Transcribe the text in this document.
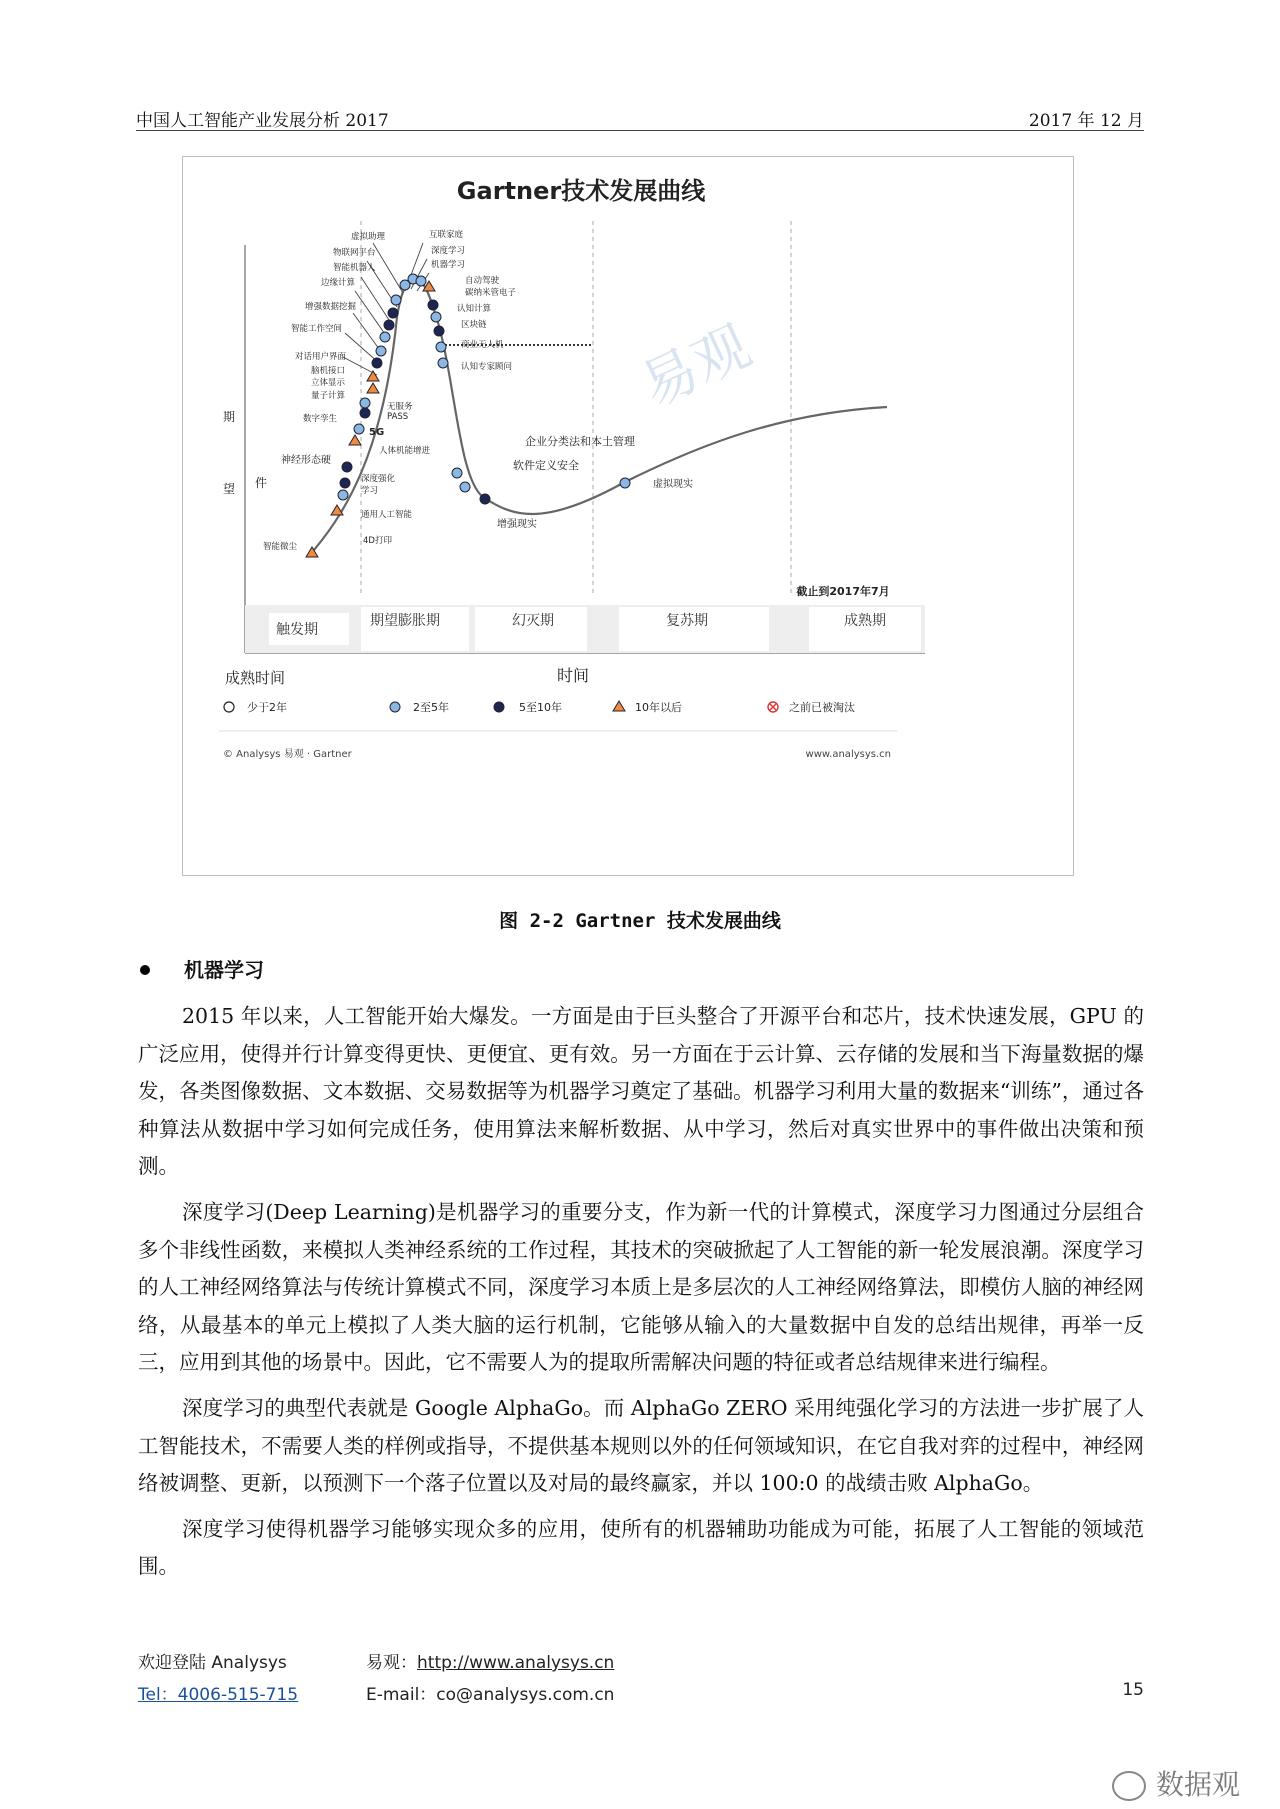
中国人工智能产业发展分析 2017	2017 年 12 月
Gartner技术发展曲线
期
望 件
时间
截止到2017年7月
触发期
期望膨胀期	幻灭期	复苏期	成熟期
易观
虚拟助理
物联网平台
智能机器人
边缘计算
增强数据挖掘
智能工作空间
对话用户界面
脑机接口
立体显示
量子计算
数字孪生
无服务
PASS
5G
人体机能增进
神经形态硬
深度强化
学习
通用人工智能
4D打印
智能微尘
互联家庭
深度学习
机器学习
自动驾驶
碳纳米管电子
认知计算
区块链
商业无人机
认知专家顾问
企业分类法和本土管理
软件定义安全
虚拟现实
增强现实
成熟时间
少于2年	2至5年	5至10年	10年以后	之前已被淘汰
© Analysys 易观 · Gartner	www.analysys.cn
图 2-2 Gartner 技术发展曲线
机器学习

2015 年以来，人工智能开始大爆发。一方面是由于巨头整合了开源平台和芯片，技术快速发展，GPU 的广泛应用，使得并行计算变得更快、更便宜、更有效。另一方面在于云计算、云存储的发展和当下海量数据的爆发，各类图像数据、文本数据、交易数据等为机器学习奠定了基础。机器学习利用大量的数据来“训练”，通过各种算法从数据中学习如何完成任务，使用算法来解析数据、从中学习，然后对真实世界中的事件做出决策和预测。

深度学习(Deep Learning)是机器学习的重要分支，作为新一代的计算模式，深度学习力图通过分层组合多个非线性函数，来模拟人类神经系统的工作过程，其技术的突破掀起了人工智能的新一轮发展浪潮。深度学习的人工神经网络算法与传统计算模式不同，深度学习本质上是多层次的人工神经网络算法，即模仿人脑的神经网络，从最基本的单元上模拟了人类大脑的运行机制，它能够从输入的大量数据中自发的总结出规律，再举一反三，应用到其他的场景中。因此，它不需要人为的提取所需解决问题的特征或者总结规律来进行编程。

深度学习的典型代表就是 Google AlphaGo。而 AlphaGo ZERO 采用纯强化学习的方法进一步扩展了人工智能技术，不需要人类的样例或指导，不提供基本规则以外的任何领域知识，在它自我对弈的过程中，神经网络被调整、更新，以预测下一个落子位置以及对局的最终赢家，并以 100:0 的战绩击败 AlphaGo。

深度学习使得机器学习能够实现众多的应用，使所有的机器辅助功能成为可能，拓展了人工智能的领域范围。

欢迎登陆 Analysys	易观：http://www.analysys.cn
Tel：4006-515-715	E-mail：co@analysys.com.cn	15
数据观
